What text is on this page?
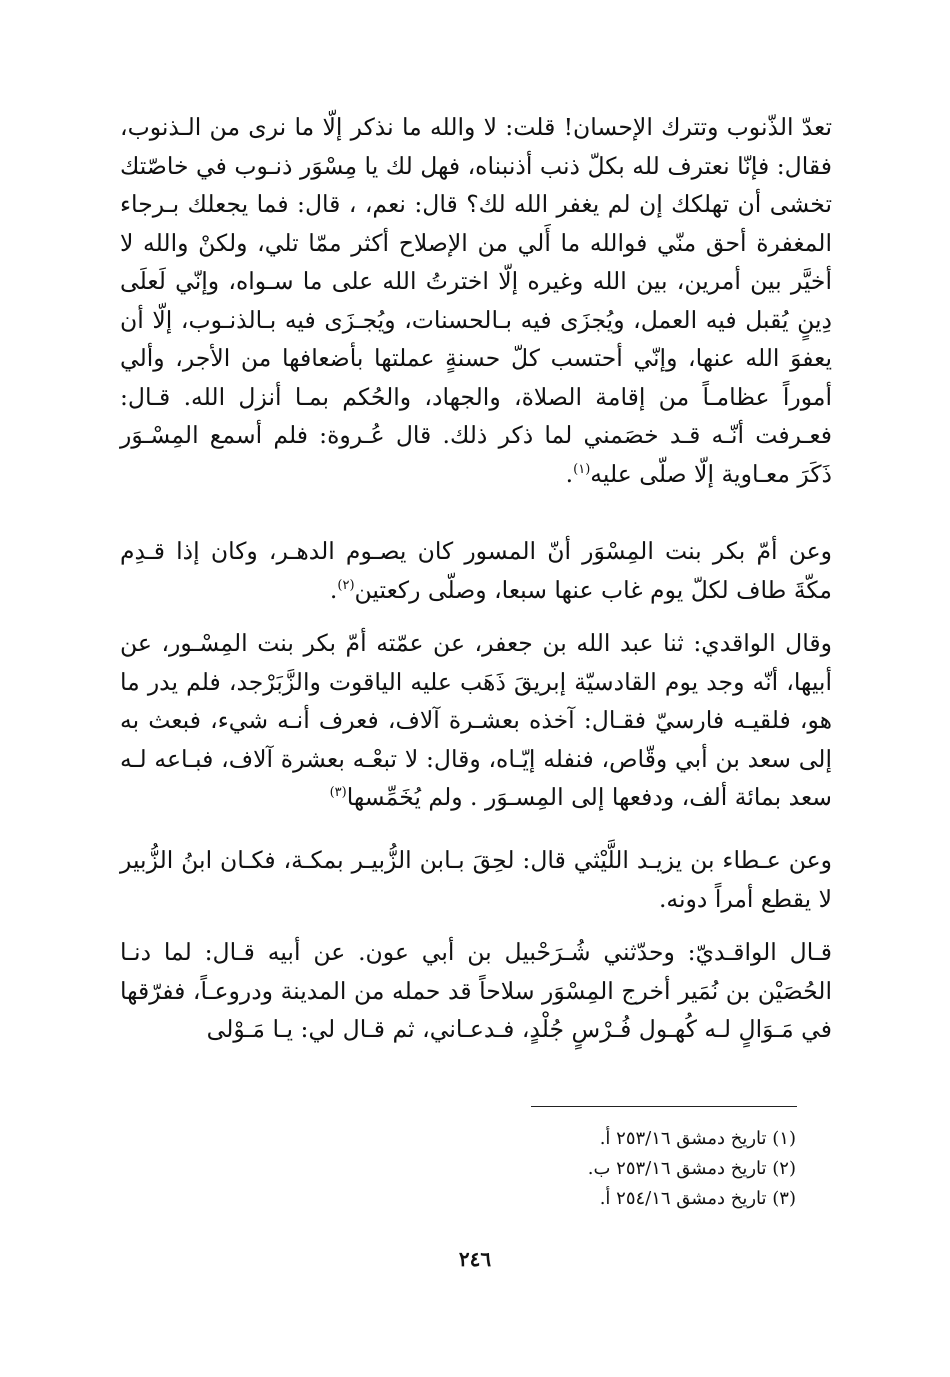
تعدّ الذّنوب وتترك الإحسان! قلت: لا والله ما نذكر إلّا ما نرى من الـذنوب، فقال: فإنّا نعترف لله بكلّ ذنب أذنبناه، فهل لك يا مِسْوَر ذنـوب في خاصّتك تخشى أن تهلكك إن لم يغفر الله لك؟ قال: نعم، ، قال: فما يجعلك بـرجاء المغفرة أحق منّي فوالله ما أَلي من الإصلاح أكثر ممّا تلي، ولكنْ والله لا أخيَّر بين أمرين، بين الله وغيره إلّا اخترتُ الله على ما سـواه، وإنّي لَعلَى دِينٍ يُقبل فيه العمل، ويُجزَى فيه بـالحسنات، ويُجـزَى فيه بـالذنـوب، إلّا أن يعفوَ الله عنها، وإنّي أحتسب كلّ حسنةٍ عملتها بأضعافها من الأجر، وألي أموراً عظامـاً من إقامة الصلاة، والجهاد، والحُكم بمـا أنزل الله. قـال: فعـرفت أنّـه قـد خصَمني لما ذكر ذلك. قال عُـروة: فلم أسمع المِسْـوَر ذَكَرَ معـاوية إلّا صلّى عليه$^{(١)}$.

وعن أمّ بكر بنت المِسْوَر أنّ المسور كان يصـوم الدهـر، وكان إذا قـدِم مكّةَ طاف لكلّ يوم غاب عنها سبعا، وصلّى ركعتين$^{(٢)}$.

وقال الواقدي: ثنا عبد الله بن جعفر، عن عمّته أمّ بكر بنت المِسْـور، عن أبيها، أنّه وجد يوم القادسيّة إبريقَ ذَهَب عليه الياقوت والزَّبَرْجد، فلم يدر ما هو، فلقيـه فارسيّ فقـال: آخذه بعشـرة آلاف، فعرف أنـه شيء، فبعث به إلى سعد بن أبي وقّاص، فنفله إيّـاه، وقال: لا تبعْـه بعشرة آلاف، فبـاعه لـه سعد بمائة ألف، ودفعها إلى المِسـوَر . ولم يُخَمِّسها$^{(٣)}$

وعن عـطاء بن يزيـد اللَّيْثي قال: لحِقَ بـابن الزُّبيـر بمكـة، فكـان ابنُ الزُّبير لا يقطع أمراً دونه.

قـال الواقـديّ: وحدّثني شُـرَحْبيل بن أبي عون. عن أبيه قـال: لما دنـا الحُصَيْن بن نُمَير أخرج المِسْوَر سلاحاً قد حمله من المدينة ودروعـاً، ففرّقها في مَـوَالٍ لـه كُهـول فُـرْسٍ جُلْدٍ، فـدعـاني، ثم قـال لي: يـا مَـوْلى

(١) تاريخ دمشق ٢٥٣/١٦ أ.
(٢) تاريخ دمشق ٢٥٣/١٦ ب.
(٣) تاريخ دمشق ٢٥٤/١٦ أ.
٢٤٦
